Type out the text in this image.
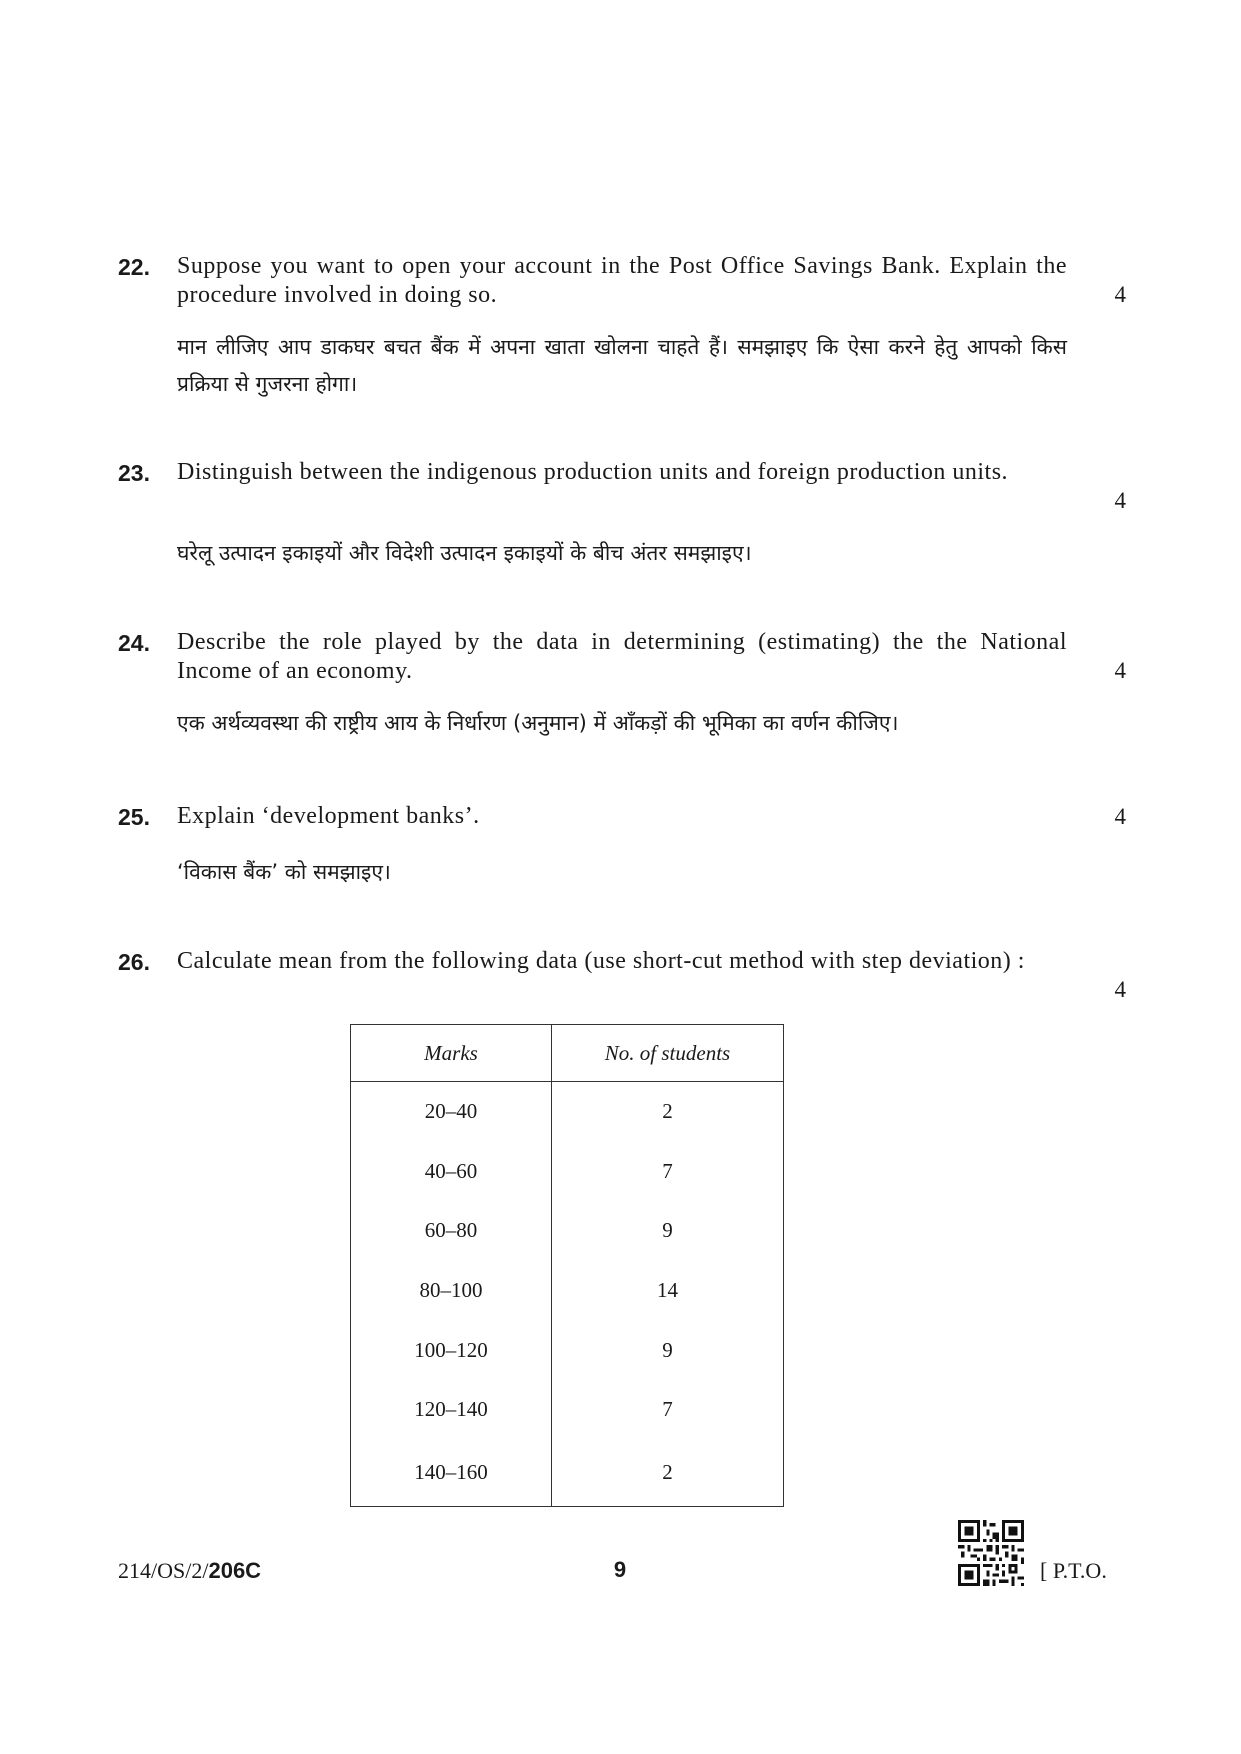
22. Suppose you want to open your account in the Post Office Savings Bank. Explain the procedure involved in doing so.	4
मान लीजिए आप डाकघर बचत बैंक में अपना खाता खोलना चाहते हैं। समझाइए कि ऐसा करने हेतु आपको किस प्रक्रिया से गुजरना होगा।
23. Distinguish between the indigenous production units and foreign production units.
4
घरेलू उत्पादन इकाइयों और विदेशी उत्पादन इकाइयों के बीच अंतर समझाइए।
24. Describe the role played by the data in determining (estimating) the the National Income of an economy.	4
एक अर्थव्यवस्था की राष्ट्रीय आय के निर्धारण (अनुमान) में आँकड़ों की भूमिका का वर्णन कीजिए।
25. Explain ‘development banks’.	4
‘विकास बैंक’ को समझाइए।
26. Calculate mean from the following data (use short-cut method with step deviation) :
4
Marks	No. of students
20–40	2
40–60	7
60–80	9
80–100	14
100–120	9
120–140	7
140–160	2
214/OS/2/206C	9	[ P.T.O.
